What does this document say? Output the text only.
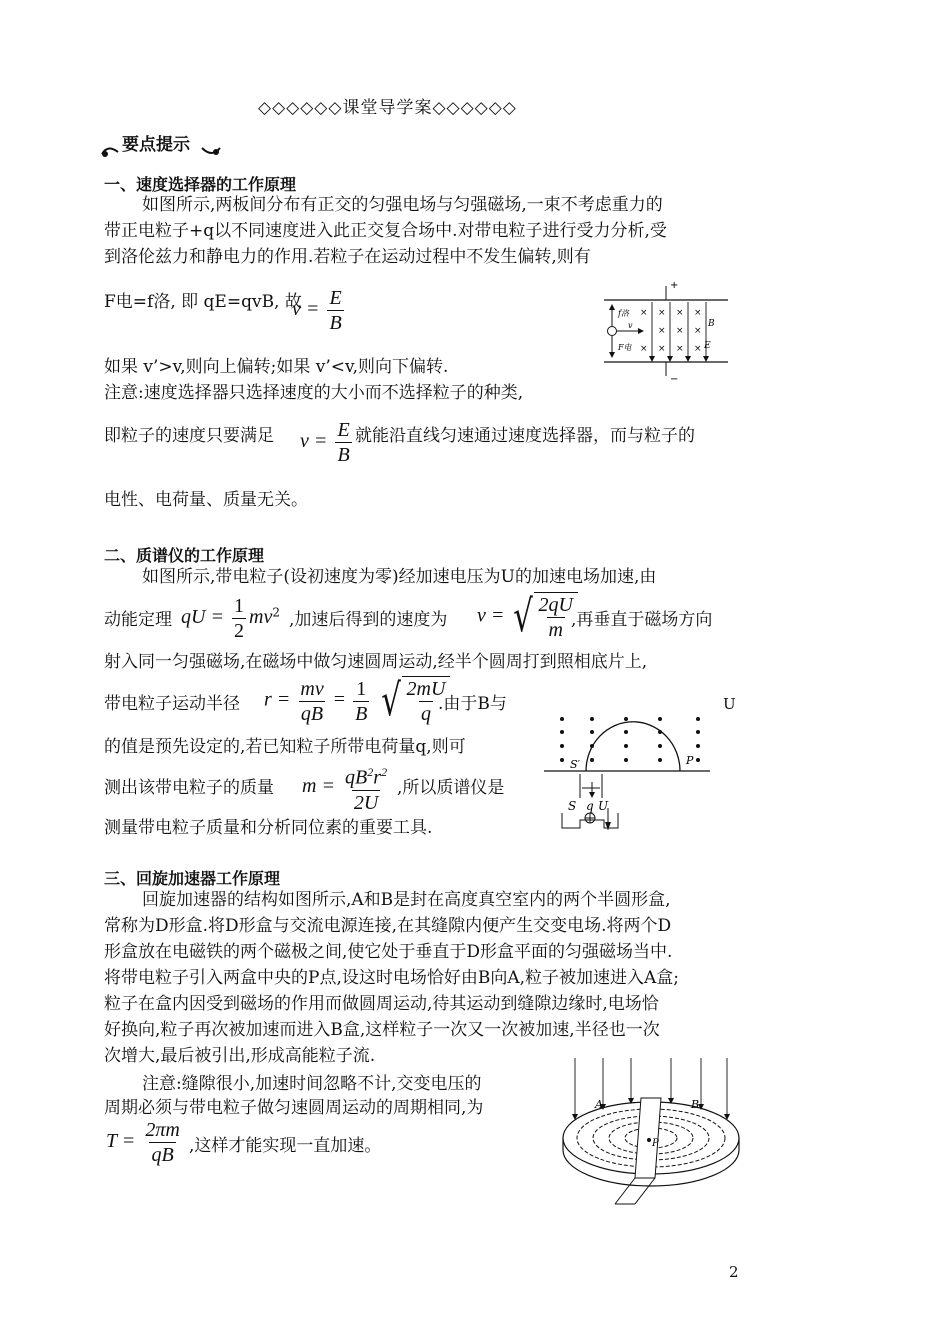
◇◇◇◇◇◇课堂导学案◇◇◇◇◇◇
要点提示
一、速度选择器的工作原理
如图所示,两板间分布有正交的匀强电场与匀强磁场,一束不考虑重力的
带正电粒子+q以不同速度进入此正交复合场中.对带电粒子进行受力分析,受
到洛伦兹力和静电力的作用.若粒子在运动过程中不发生偏转,则有
F电=f洛, 即 qE=qvB, 故
$v = \frac{E}{B}$	× × × ×
× × ×
× × × ×
+
−
f洛
F电
v	B
E
如果 v’>v,则向上偏转;如果 v’<v,则向下偏转.
注意:速度选择器只选择速度的大小而不选择粒子的种类,
即粒子的速度只要满足 $v = \frac{E}{B}$ 就能沿直线匀速通过速度选择器，而与粒子的
电性、电荷量、质量无关。
二、质谱仪的工作原理
如图所示,带电粒子(设初速度为零)经加速电压为U的加速电场加速,由
动能定理 qU = $\frac{1}{2} mv^2$ ,加速后得到的速度为 v = √ $\frac{2qU}{m}$
,再垂直于磁场方向
射入同一匀强磁场,在磁场中做匀速圆周运动,经半个圆周打到照相底片上,
带电粒子运动半径 $r = \frac{mv}{qB} = \frac{1}{B}$
√ $\frac{2mU}{q}$
.由于B与	U
的值是预先设定的,若已知粒子所带电荷量q,则可
测出该带电粒子的质量 $m = \frac{qB^2r^2}{2U}$ ,所以质谱仪是
测量带电粒子质量和分析同位素的重要工具.
S′	P
S q U
三、回旋加速器工作原理
回旋加速器的结构如图所示,A和B是封在高度真空室内的两个半圆形盒,
常称为D形盒.将D形盒与交流电源连接,在其缝隙内便产生交变电场.将两个D
形盒放在电磁铁的两个磁极之间,使它处于垂直于D形盒平面的匀强磁场当中.
将带电粒子引入两盒中央的P点,设这时电场恰好由B向A,粒子被加速进入A盒;
粒子在盒内因受到磁场的作用而做圆周运动,待其运动到缝隙边缘时,电场恰
好换向,粒子再次被加速而进入B盒,这样粒子一次又一次被加速,半径也一次
次增大,最后被引出,形成高能粒子流.
注意:缝隙很小,加速时间忽略不计,交变电压的
周期必须与带电粒子做匀速圆周运动的周期相同,为
$T = \frac{2\pi m}{qB}$ ,这样才能实现一直加速。
A	B
P
2
